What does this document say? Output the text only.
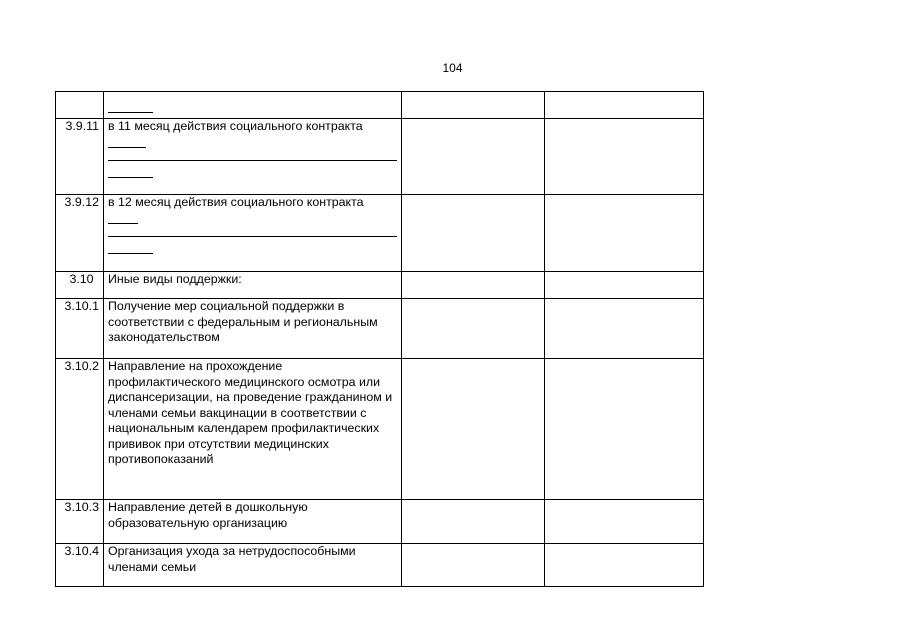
104

3.9.11	в 11 месяц действия социального контракта		

3.9.12	в 12 месяц действия социального контракта		

3.10	Иные виды поддержки:		

3.10.1	Получение мер социальной поддержки в соответствии с федеральным и региональным законодательством		

3.10.2	Направление на прохождение профилактического медицинского осмотра или диспансеризации, на проведение гражданином и членами семьи вакцинации в соответствии с национальным календарем профилактических прививок при отсутствии медицинских противопоказаний		

3.10.3	Направление детей в дошкольную образовательную организацию		

3.10.4	Организация ухода за нетрудоспособными членами семьи		
